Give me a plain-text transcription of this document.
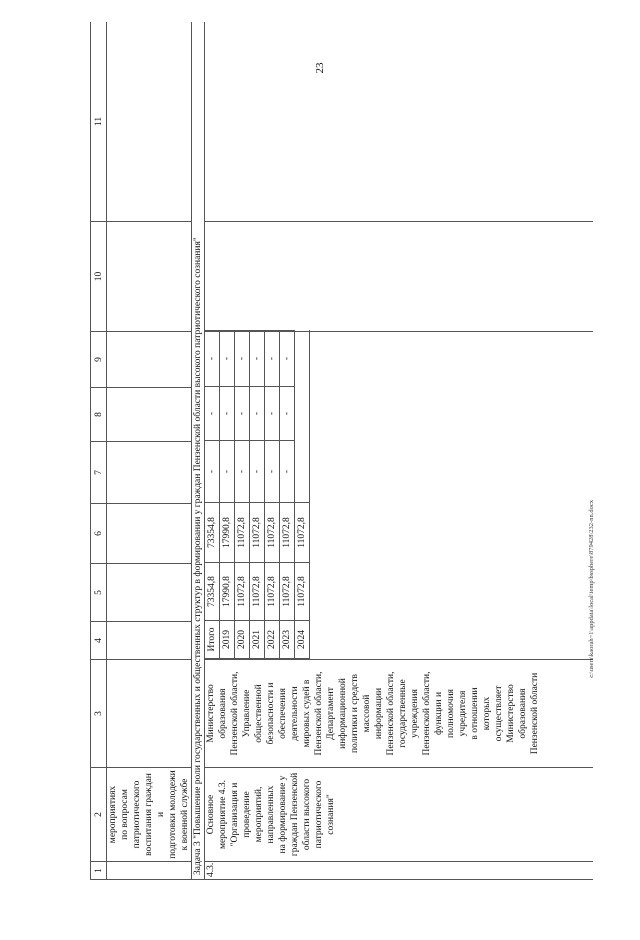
23
1	2	3	4	5	6	7	8	9	10	11
	мероприятиях
по вопросам
патриотического
воспитания граждан и
подготовки молодежи
к военной службе									
Задача 3 "Повышение роли государственных и общественных структур в формировании у граждан Пензенской области высокого патриотического сознания"
4.3.	Основное
мероприятие 4.3.
"Организация и
проведение
мероприятий,
направленных
на формирование у
граждан Пензенской
области высокого
патриотического
сознания"	Министерство
образования
Пензенской области,
Управление
общественной
безопасности и
обеспечения
деятельности
мировых судей в
Пензенской области,
Департамент
информационной
политики и средств
массовой
информации
Пензенской области,
государственные
учреждения
Пензенской области,
функции и
полномочия
учредителя
в отношении
которых
осуществляет
Министерство
образования
Пензенской области	
Итого	73354,8	73354,8	-	-	-
2019	17990,8	17990,8	-	-	-
2020	11072,8	11072,8	-	-	-
2021	11072,8	11072,8	-	-	-
2022	11072,8	11072,8	-	-	-
2023	11072,8	11072,8	-	-	-
2024	11072,8	11072,8			
			c:\users\kaorah~1\appdata\local\temp\bssphere\879428\232-nn.docx
